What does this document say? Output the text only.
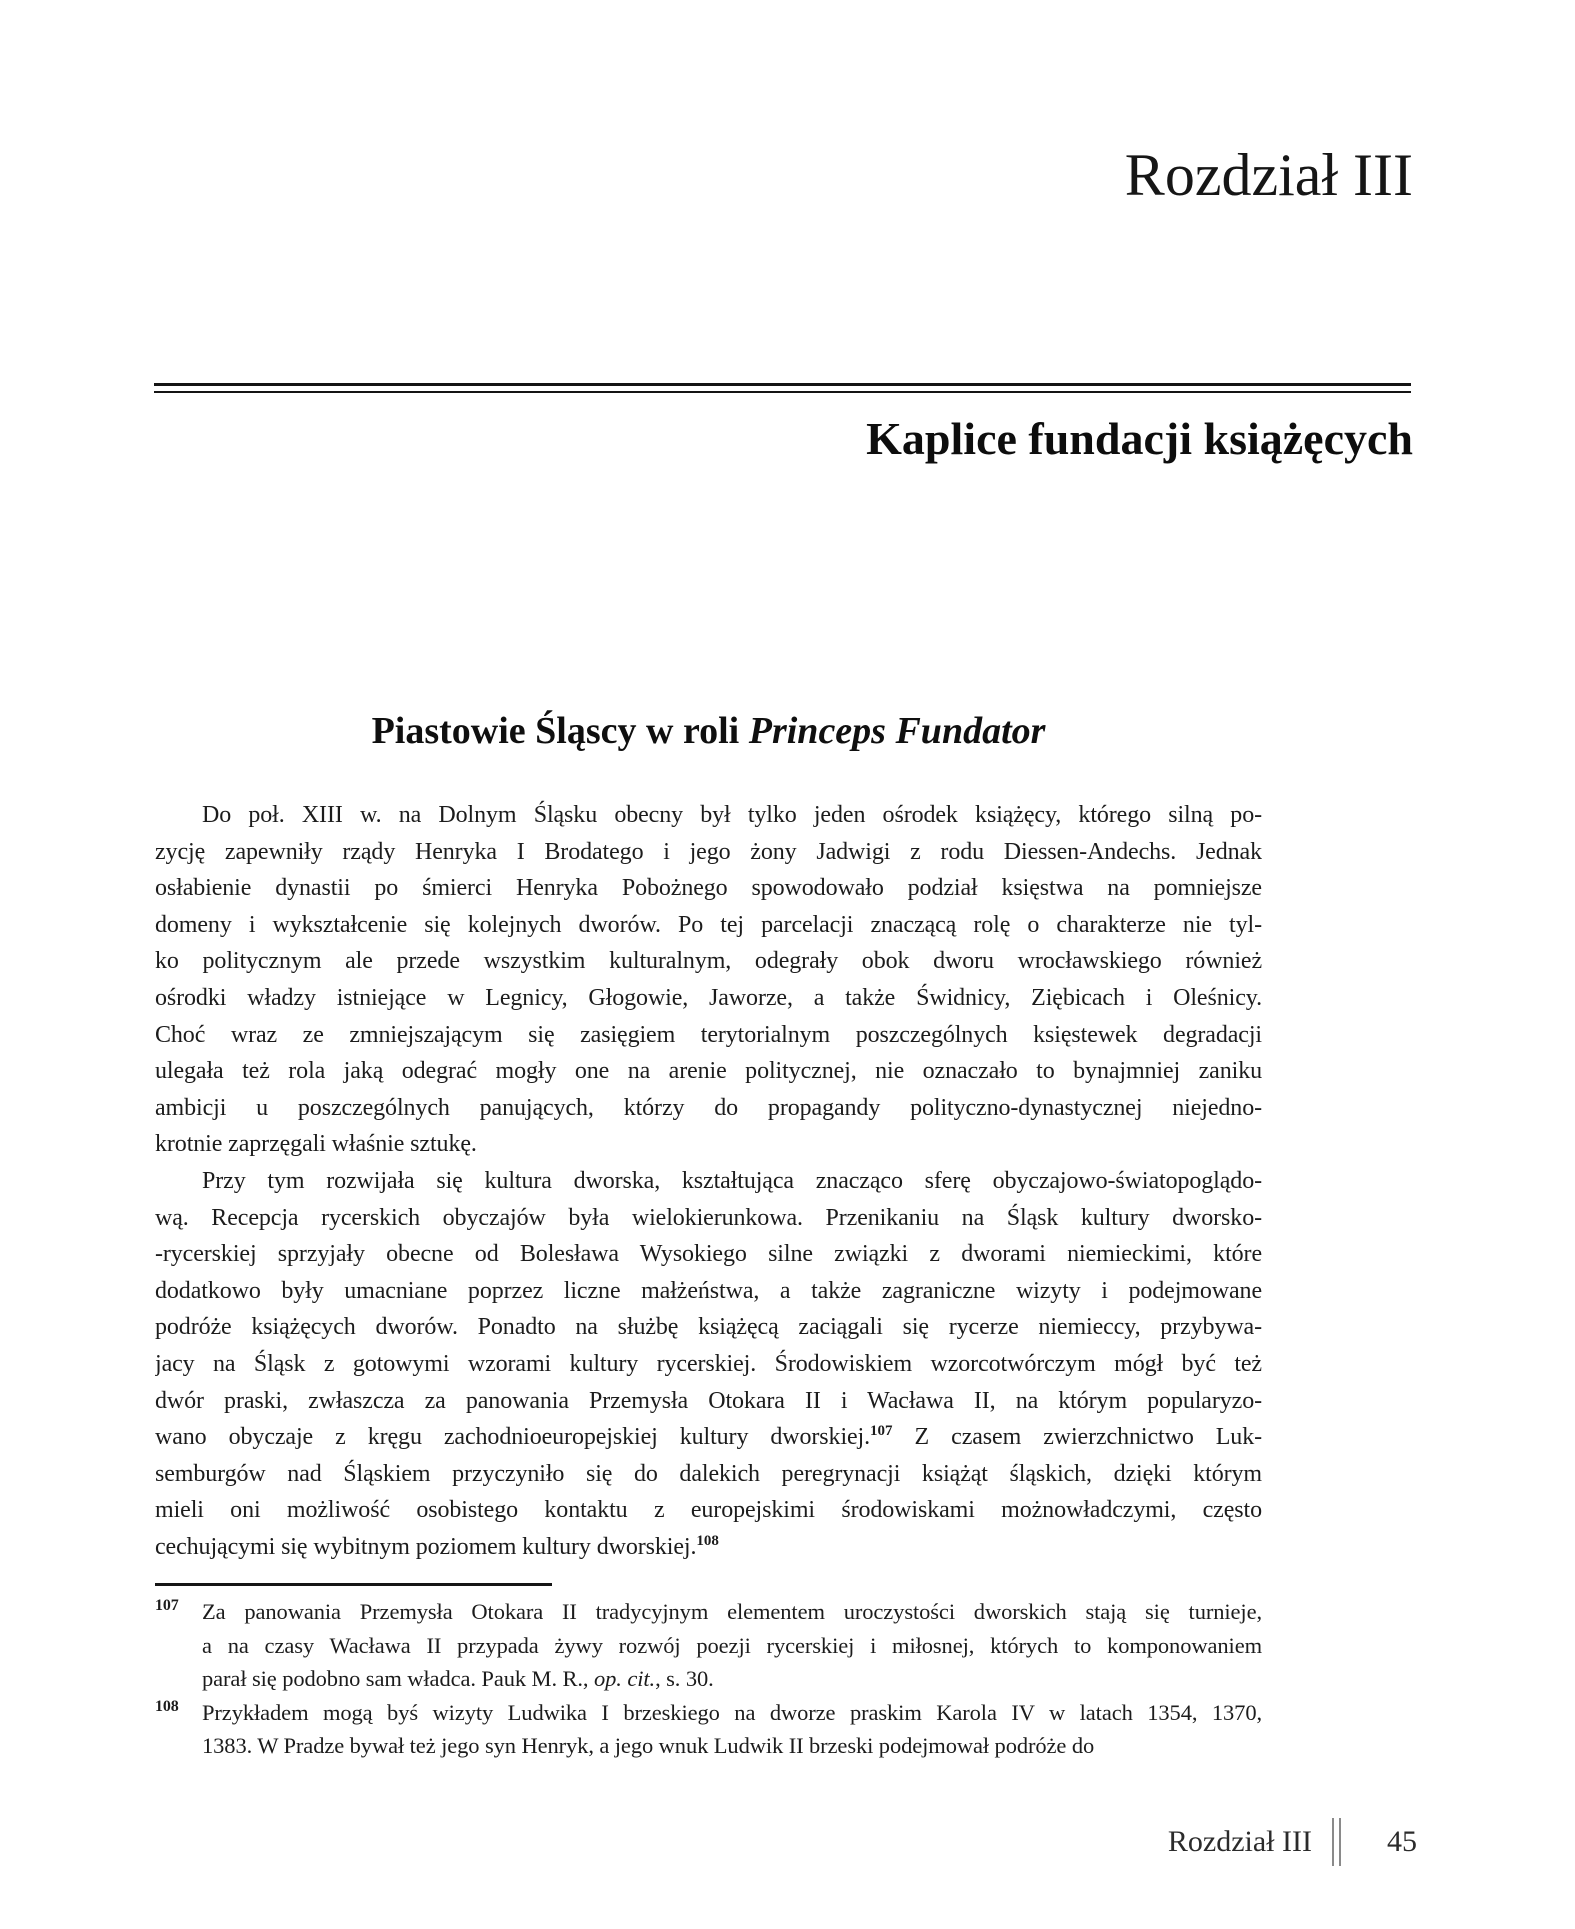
Rozdział III
Kaplice fundacji książęcych
Piastowie Śląscy w roli Princeps Fundator
Do poł. XIII w. na Dolnym Śląsku obecny był tylko jeden ośrodek książęcy, którego silną po-
zycję zapewniły rządy Henryka I Brodatego i jego żony Jadwigi z rodu Diessen-Andechs. Jednak
osłabienie dynastii po śmierci Henryka Pobożnego spowodowało podział księstwa na pomniejsze
domeny i wykształcenie się kolejnych dworów. Po tej parcelacji znaczącą rolę o charakterze nie tyl-
ko politycznym ale przede wszystkim kulturalnym, odegrały obok dworu wrocławskiego również
ośrodki władzy istniejące w Legnicy, Głogowie, Jaworze, a także Świdnicy, Ziębicach i Oleśnicy.
Choć wraz ze zmniejszającym się zasięgiem terytorialnym poszczególnych księstewek degradacji
ulegała też rola jaką odegrać mogły one na arenie politycznej, nie oznaczało to bynajmniej zaniku
ambicji u poszczególnych panujących, którzy do propagandy polityczno-dynastycznej niejedno-
krotnie zaprzęgali właśnie sztukę.
Przy tym rozwijała się kultura dworska, kształtująca znacząco sferę obyczajowo-światopoglądo-
wą. Recepcja rycerskich obyczajów była wielokierunkowa. Przenikaniu na Śląsk kultury dworsko-
-rycerskiej sprzyjały obecne od Bolesława Wysokiego silne związki z dworami niemieckimi, które
dodatkowo były umacniane poprzez liczne małżeństwa, a także zagraniczne wizyty i podejmowane
podróże książęcych dworów. Ponadto na służbę książęcą zaciągali się rycerze niemieccy, przybywa-
jacy na Śląsk z gotowymi wzorami kultury rycerskiej. Środowiskiem wzorcotwórczym mógł być też
dwór praski, zwłaszcza za panowania Przemysła Otokara II i Wacława II, na którym popularyzo-
wano obyczaje z kręgu zachodnioeuropejskiej kultury dworskiej.$^{107}$ Z czasem zwierzchnictwo Luk-
semburgów nad Śląskiem przyczyniło się do dalekich peregrynacji książąt śląskich, dzięki którym
mieli oni możliwość osobistego kontaktu z europejskimi środowiskami możnowładczymi, często
cechującymi się wybitnym poziomem kultury dworskiej.$^{108}$
107 Za panowania Przemysła Otokara II tradycyjnym elementem uroczystości dworskich stają się turnieje,
a na czasy Wacława II przypada żywy rozwój poezji rycerskiej i miłosnej, których to komponowaniem
parał się podobno sam władca. Pauk M. R., op. cit., s. 30.
108 Przykładem mogą byś wizyty Ludwika I brzeskiego na dworze praskim Karola IV w latach 1354, 1370,
1383. W Pradze bywał też jego syn Henryk, a jego wnuk Ludwik II brzeski podejmował podróże do
Rozdział III	45
